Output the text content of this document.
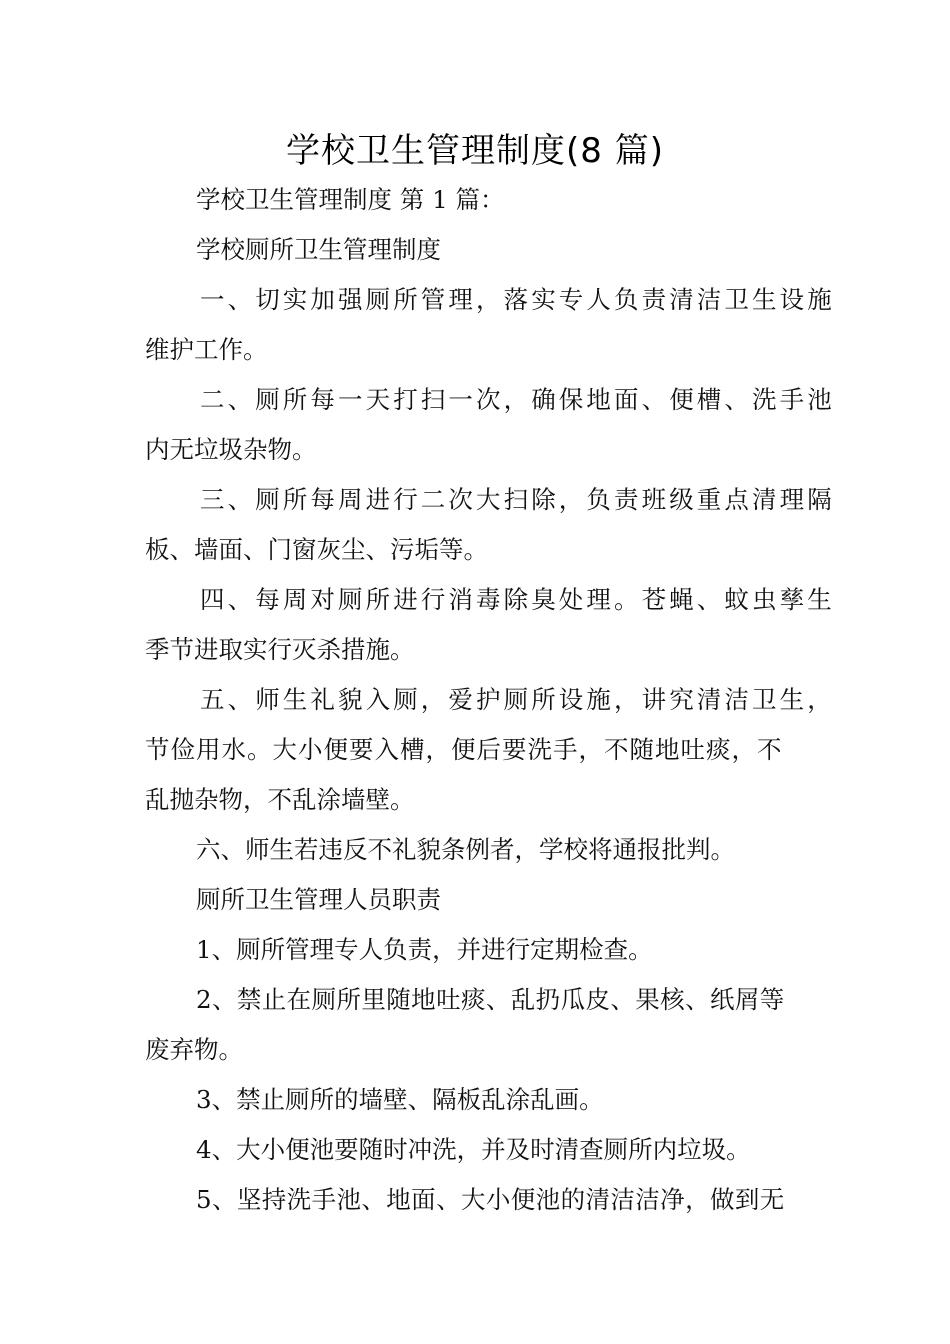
学校卫生管理制度(8 篇)
学校卫生管理制度 第 1 篇：
学校厕所卫生管理制度
一、切实加强厕所管理，落实专人负责清洁卫生设施
维护工作。
二、厕所每一天打扫一次，确保地面、便槽、洗手池
内无垃圾杂物。
三、厕所每周进行二次大扫除，负责班级重点清理隔
板、墙面、门窗灰尘、污垢等。
四、每周对厕所进行消毒除臭处理。苍蝇、蚊虫孳生
季节进取实行灭杀措施。
五、师生礼貌入厕，爱护厕所设施，讲究清洁卫生，
节俭用水。大小便要入槽，便后要洗手，不随地吐痰，不
乱抛杂物，不乱涂墙壁。
六、师生若违反不礼貌条例者，学校将通报批判。
厕所卫生管理人员职责
1、厕所管理专人负责，并进行定期检查。
2、禁止在厕所里随地吐痰、乱扔瓜皮、果核、纸屑等
废弃物。
3、禁止厕所的墙壁、隔板乱涂乱画。
4、大小便池要随时冲洗，并及时清查厕所内垃圾。
5、坚持洗手池、地面、大小便池的清洁洁净，做到无
